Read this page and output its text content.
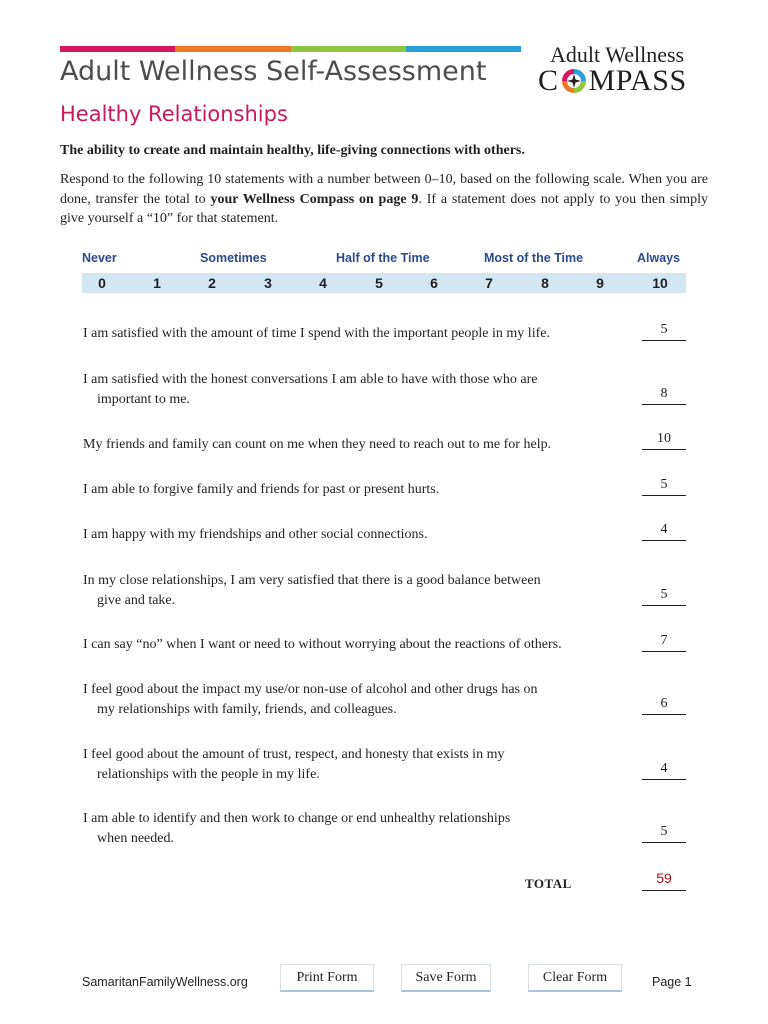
Adult Wellness Self-Assessment
Healthy Relationships
Adult Wellness
C MPASS
The ability to create and maintain healthy, life-giving connections with others.
Respond to the following 10 statements with a number between 0–10, based on the following scale. When you are done, transfer the total to your Wellness Compass on page 9. If a statement does not apply to you then simply give yourself a “10” for that statement.
Never	Sometimes	Half of the Time	Most of the Time	Always
0	1	2	3	4	5	6	7	8	9	10
I am satisfied with the amount of time I spend with the important people in my life.	5
I am satisfied with the honest conversations I am able to have with those who are
important to me.	8
My friends and family can count on me when they need to reach out to me for help.	10
I am able to forgive family and friends for past or present hurts.	5
I am happy with my friendships and other social connections.	4
In my close relationships, I am very satisfied that there is a good balance between
give and take.	5
I can say “no” when I want or need to without worrying about the reactions of others.	7
I feel good about the impact my use/or non-use of alcohol and other drugs has on
my relationships with family, friends, and colleagues.	6
I feel good about the amount of trust, respect, and honesty that exists in my
relationships with the people in my life.	4
I am able to identify and then work to change or end unhealthy relationships
when needed.	5
TOTAL	59
SamaritanFamilyWellness.org	Print Form	Save Form	Clear Form	Page 1
